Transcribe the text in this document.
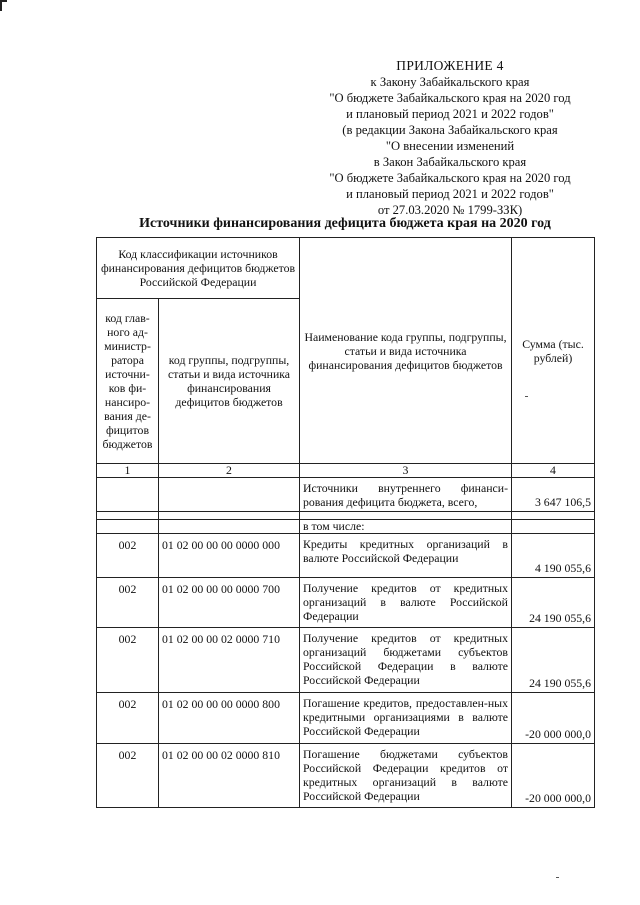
ПРИЛОЖЕНИЕ 4
к Закону Забайкальского края
"О бюджете Забайкальского края на 2020 год
и плановый период 2021 и 2022 годов"
(в редакции Закона Забайкальского края
"О внесении изменений
в Закон Забайкальского края
"О бюджете Забайкальского края на 2020 год
и плановый период 2021 и 2022 годов"
от 27.03.2020 № 1799-ЗЗК)
Источники финансирования дефицита бюджета края на 2020 год
Код классификации источников финансирования дефицитов бюджетов Российской Федерации		Наименование кода группы, подгруппы, статьи и вида источника финансирования дефицитов бюджетов	Сумма (тыс. рублей)
код глав-ного ад-министр-ратора источни-ков фи-нансиро-вания де-фицитов бюджетов	код группы, подгруппы, статьи и вида источника финансирования дефицитов бюджетов		
1	2	3	4
		Источники внутреннего финанси-рования дефицита бюджета, всего,	3 647 106,5

		в том числе:	
002	01 02 00 00 00 0000 000	Кредиты кредитных организаций в валюте Российской Федерации	4 190 055,6
002	01 02 00 00 00 0000 700	Получение кредитов от кредитных организаций в валюте Российской Федерации	24 190 055,6
002	01 02 00 00 02 0000 710	Получение кредитов от кредитных организаций бюджетами субъектов Российской Федерации в валюте Российской Федерации	24 190 055,6
002	01 02 00 00 00 0000 800	Погашение кредитов, предоставлен-ных кредитными организациями в валюте Российской Федерации	-20 000 000,0
002	01 02 00 00 02 0000 810	Погашение бюджетами субъектов Российской Федерации кредитов от кредитных организаций в валюте Российской Федерации	-20 000 000,0
